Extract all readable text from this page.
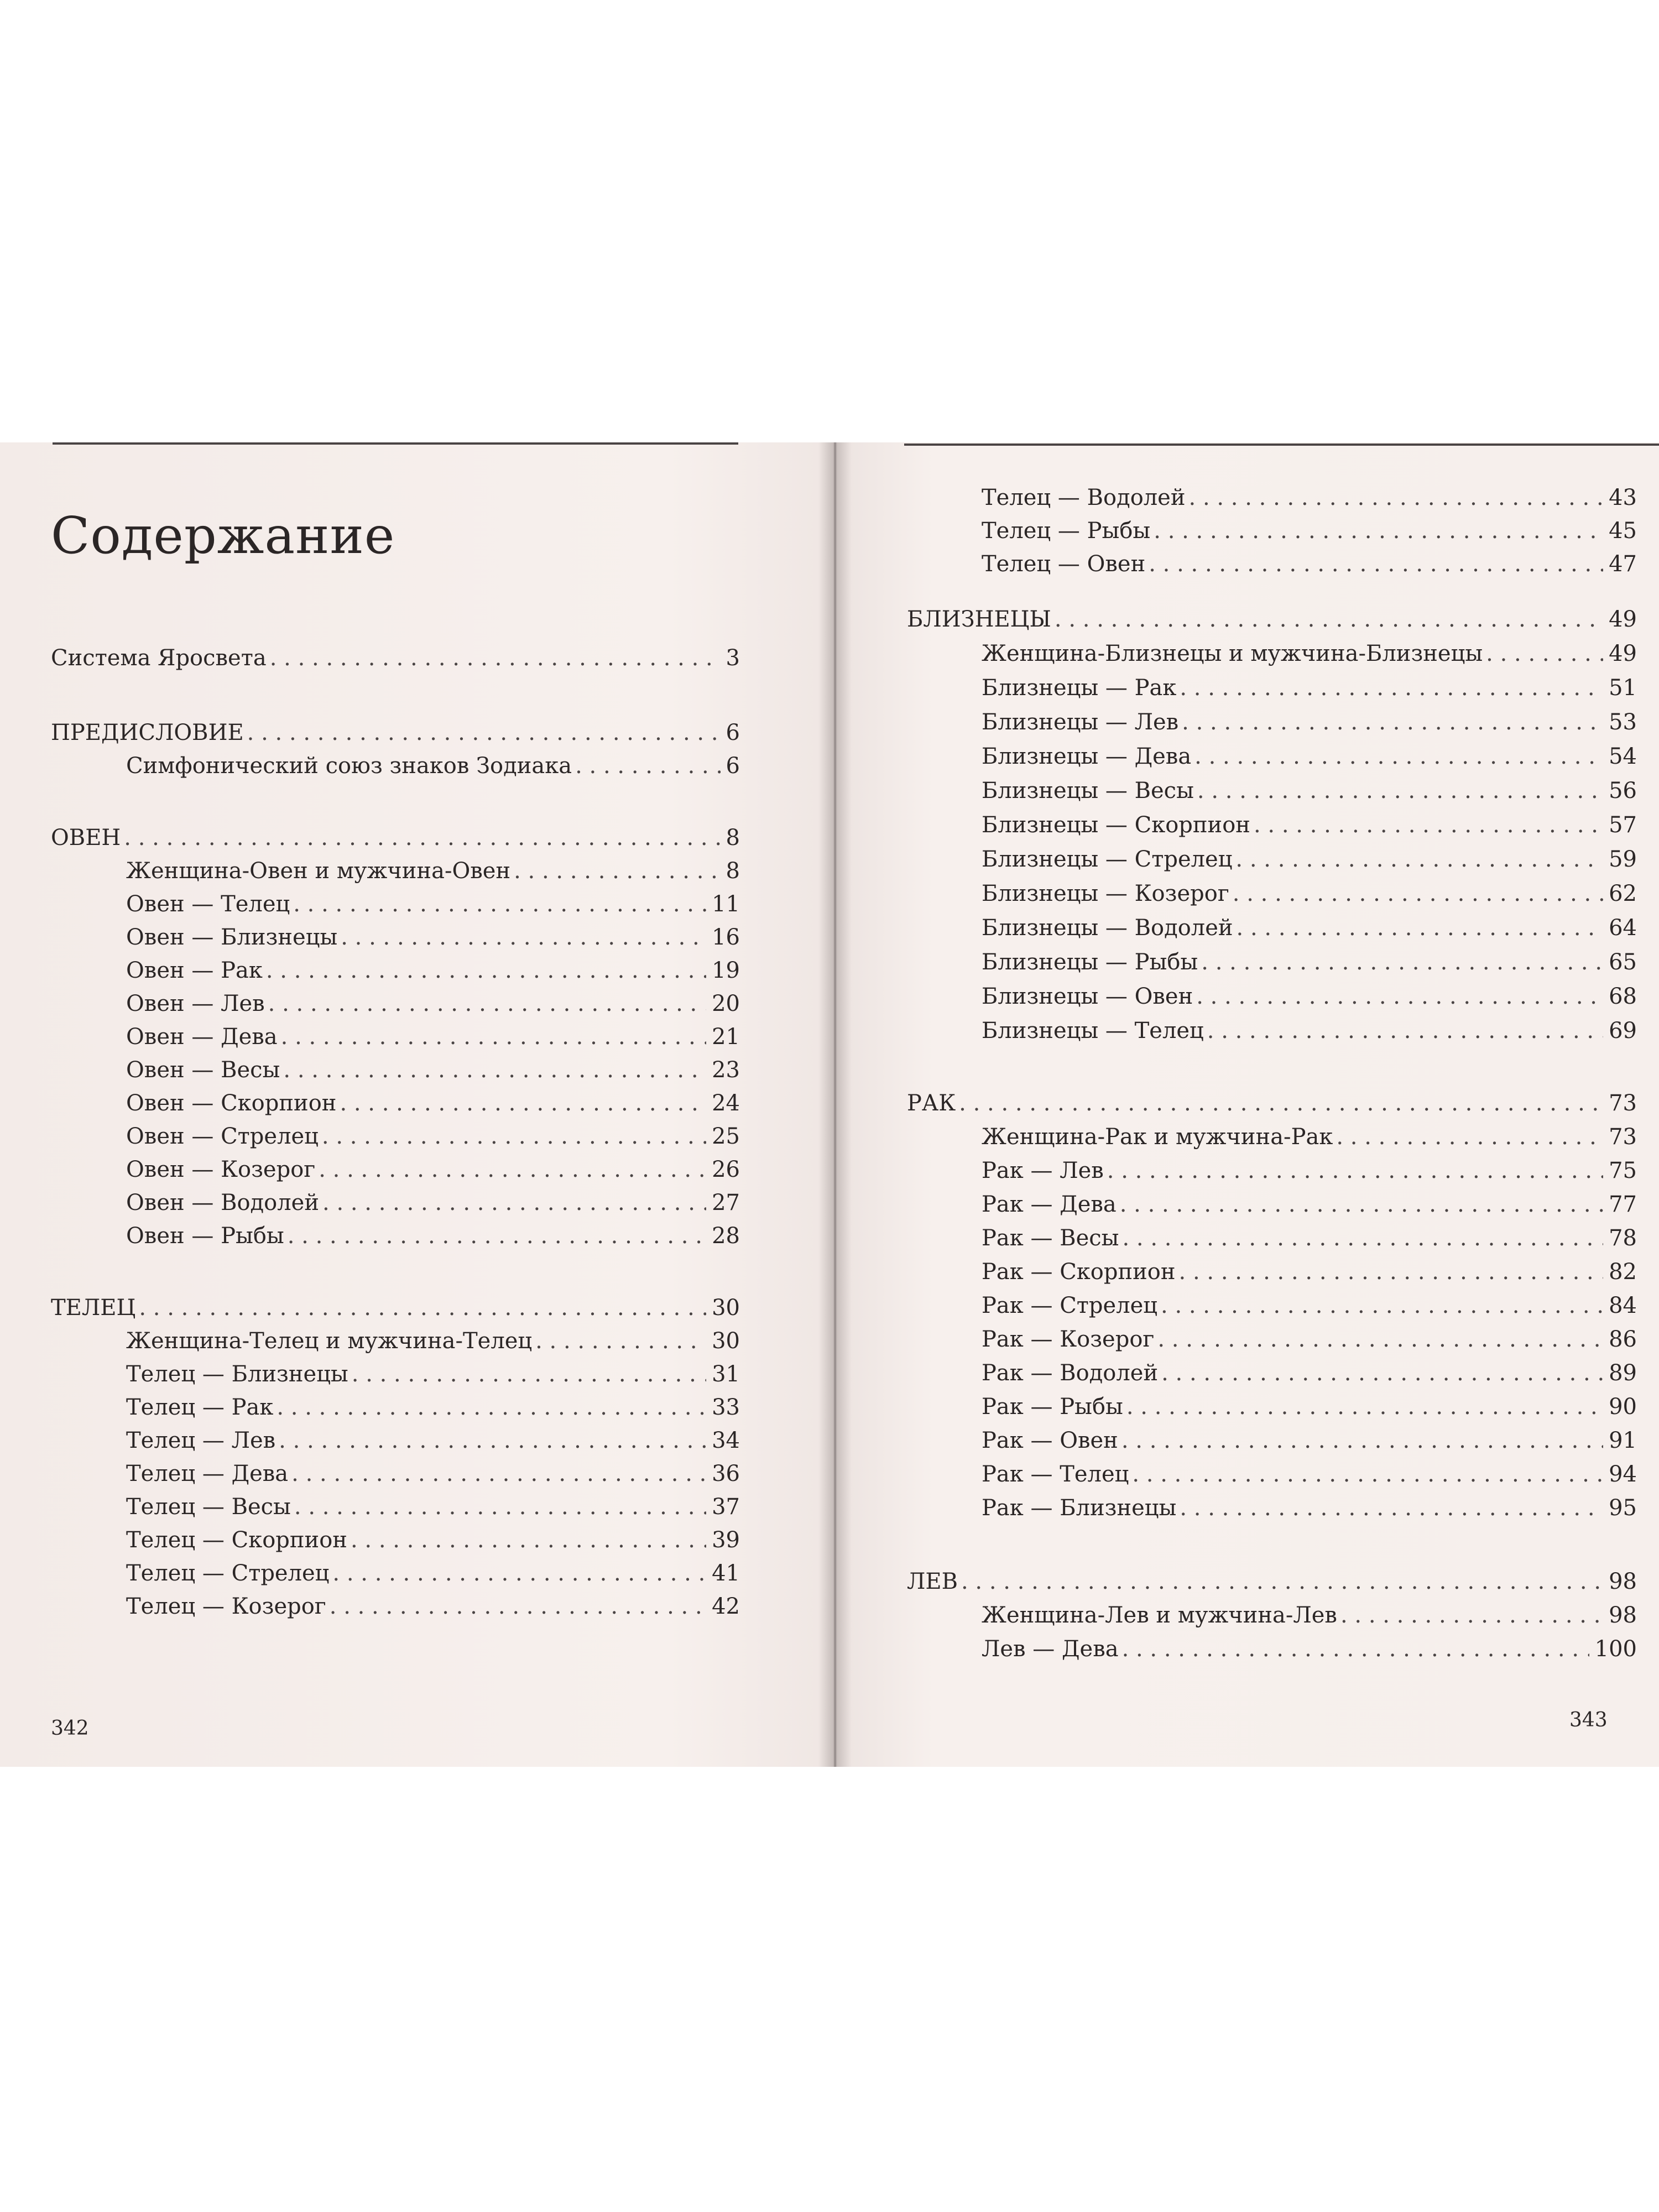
Содержание
Система Яросвета . . .	3
ПРЕДИСЛОВИЕ . . .	6
Симфонический союз знаков Зодиака . . .	6
ОВЕН . . .	8
Женщина-Овен и мужчина-Овен . . .	8
Овен — Телец . . .	11
Овен — Близнецы . . .	16
Овен — Рак . . .	19
Овен — Лев . . .	20
Овен — Дева . . .	21
Овен — Весы . . .	23
Овен — Скорпион . . .	24
Овен — Стрелец . . .	25
Овен — Козерог . . .	26
Овен — Водолей . . .	27
Овен — Рыбы . . .	28
ТЕЛЕЦ . . .	30
Женщина-Телец и мужчина-Телец . . .	30
Телец — Близнецы . . .	31
Телец — Рак . . .	33
Телец — Лев . . .	34
Телец — Дева . . .	36
Телец — Весы . . .	37
Телец — Скорпион . . .	39
Телец — Стрелец . . .	41
Телец — Козерог . . .	42
342
Телец — Водолей . . .	43
Телец — Рыбы . . .	45
Телец — Овен . . .	47
БЛИЗНЕЦЫ . . .	49
Женщина-Близнецы и мужчина-Близнецы . . .	49
Близнецы — Рак . . .	51
Близнецы — Лев . . .	53
Близнецы — Дева . . .	54
Близнецы — Весы . . .	56
Близнецы — Скорпион . . .	57
Близнецы — Стрелец . . .	59
Близнецы — Козерог . . .	62
Близнецы — Водолей . . .	64
Близнецы — Рыбы . . .	65
Близнецы — Овен . . .	68
Близнецы — Телец . . .	69
РАК . . .	73
Женщина-Рак и мужчина-Рак . . .	73
Рак — Лев . . .	75
Рак — Дева . . .	77
Рак — Весы . . .	78
Рак — Скорпион . . .	82
Рак — Стрелец . . .	84
Рак — Козерог . . .	86
Рак — Водолей . . .	89
Рак — Рыбы . . .	90
Рак — Овен . . .	91
Рак — Телец . . .	94
Рак — Близнецы . . .	95
ЛЕВ . . .	98
Женщина-Лев и мужчина-Лев . . .	98
Лев — Дева . . .	100
343
